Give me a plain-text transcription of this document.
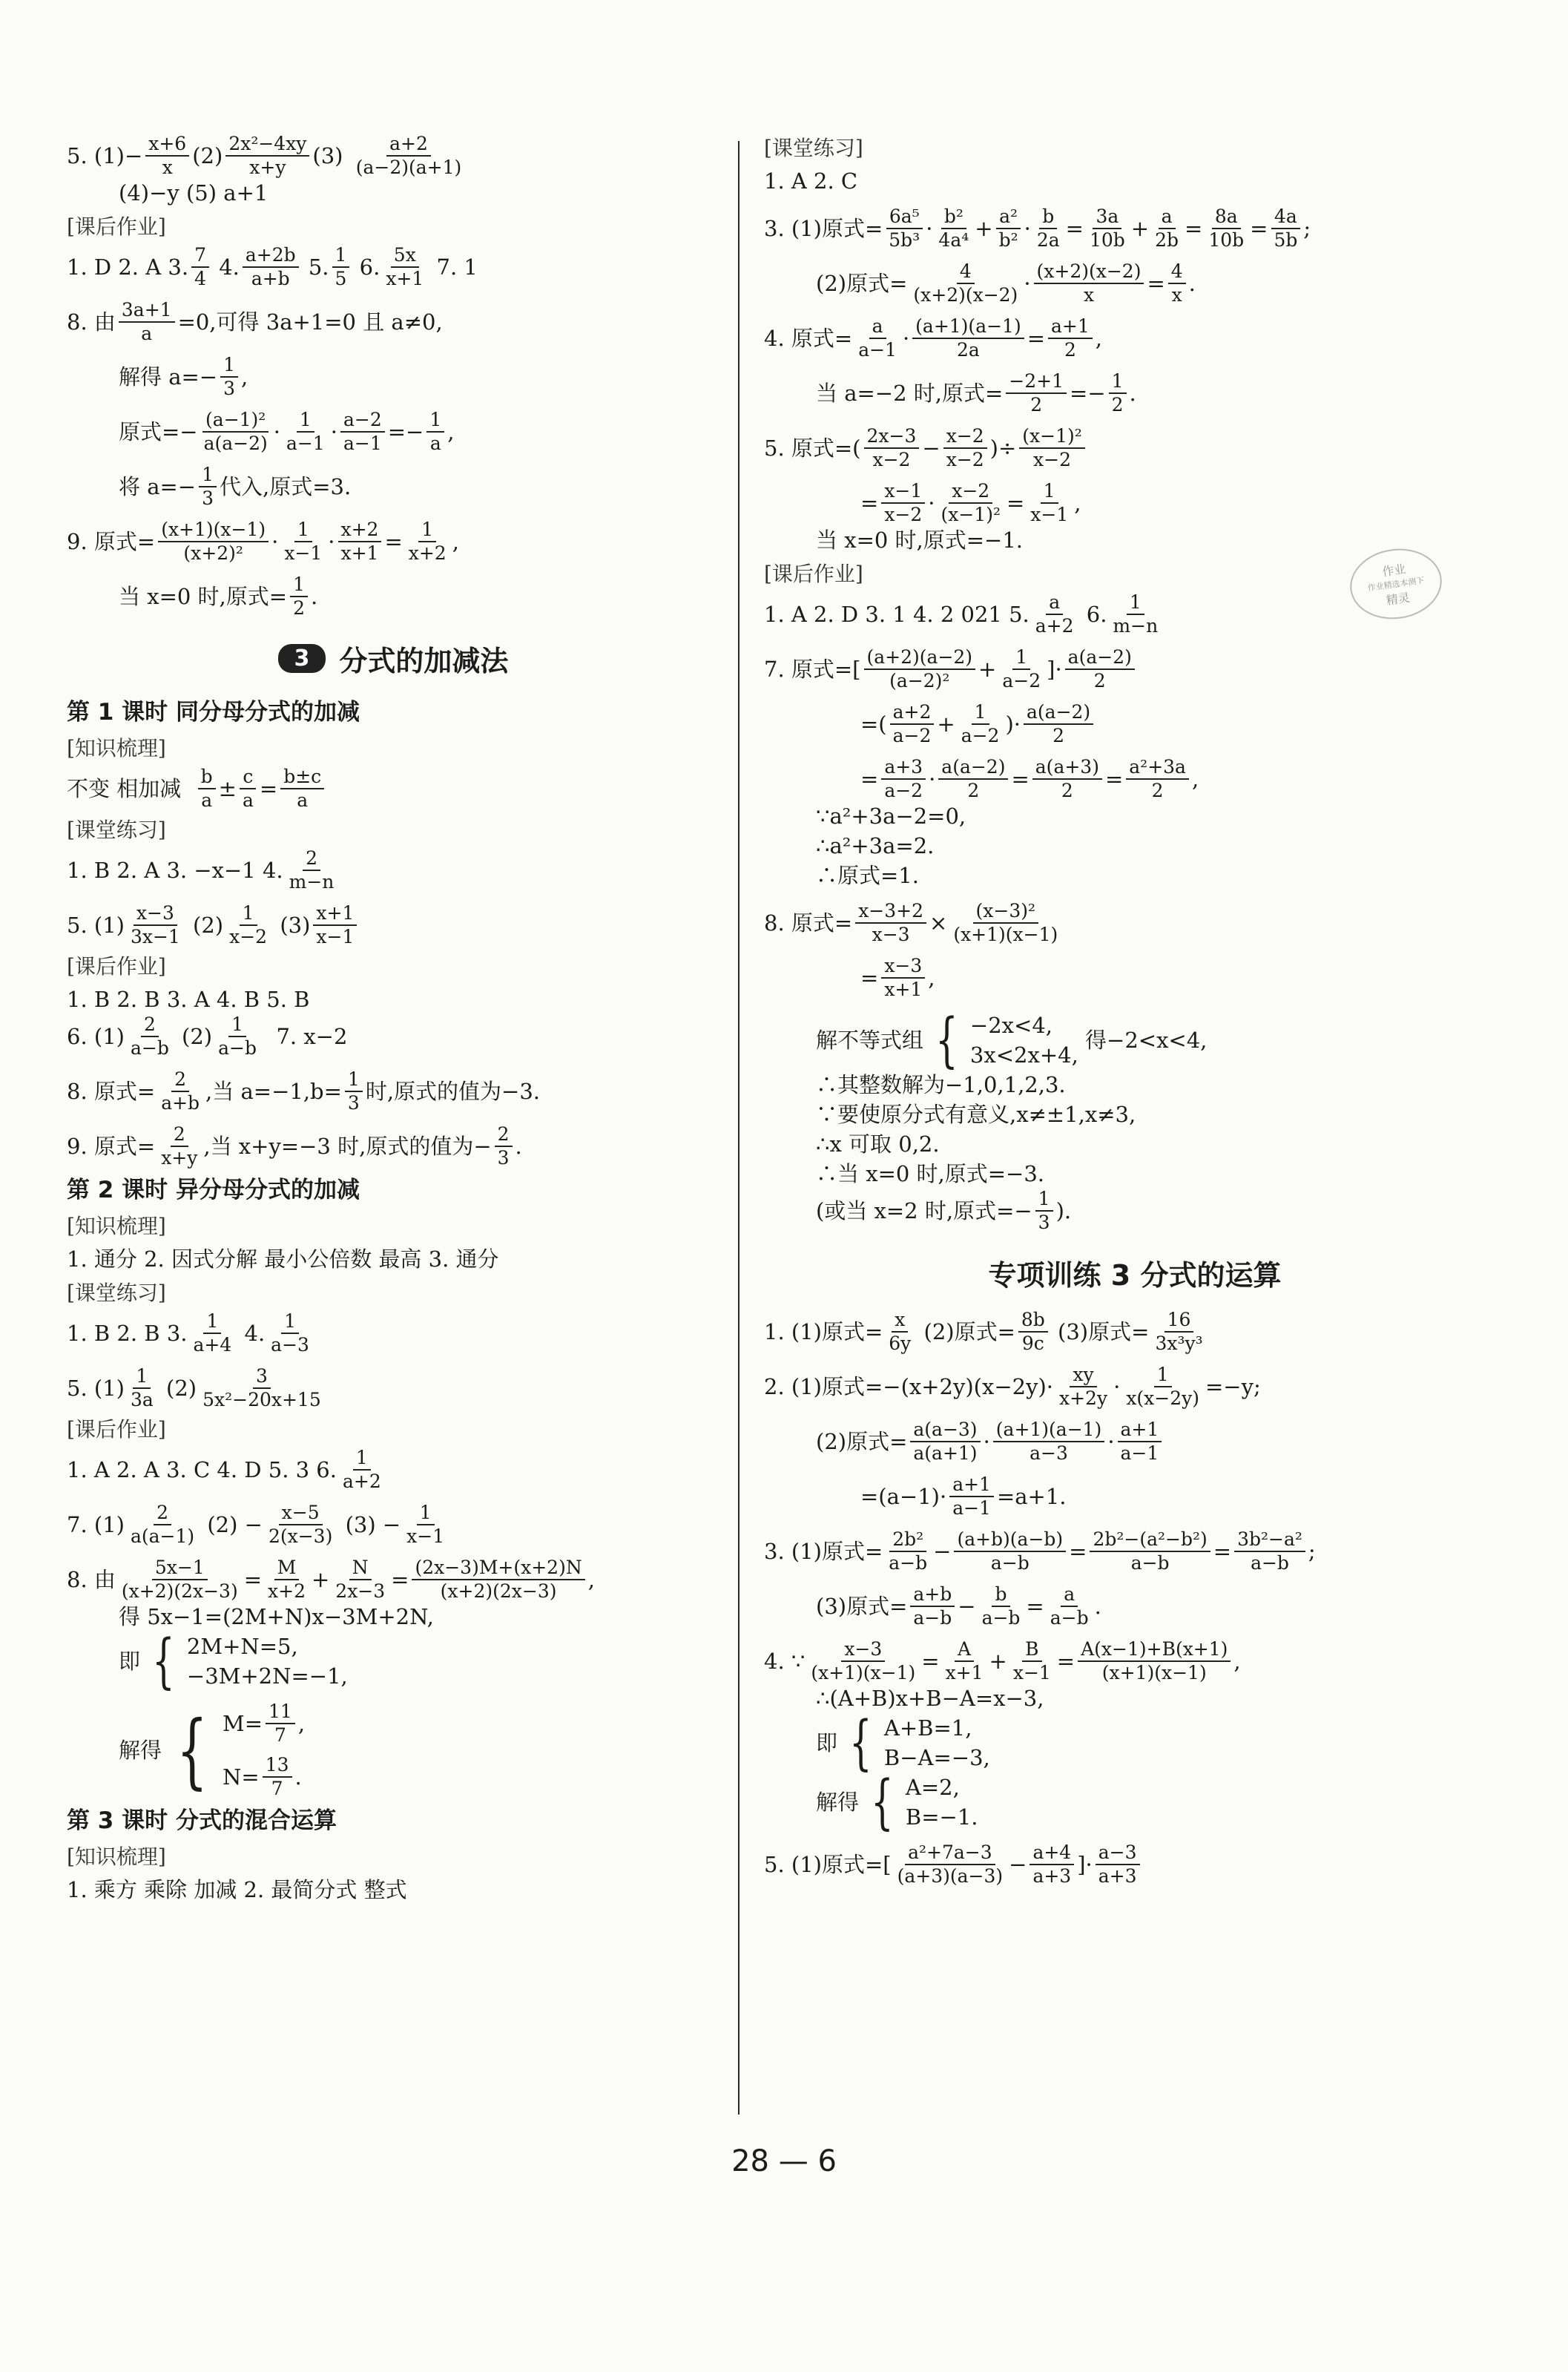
5. $(1)- \frac{x+6}{x} (2) \frac{\text{2x²−4xy}}{x+y} (3)$
$\frac{a+2}{(a-2)(a+1)}$

(4)−y (5) a+1

[课后作业]

1. D 2. A 3. $\frac{7}{4}$
4. $\frac{a+2b}{a+b}$
5. $\frac{1}{5}$
6. $\frac{5x}{x+1}$
7. 1
8. 由 $\frac{3a+1}{a} =0$,可得 3a+1=0 且 a≠0,
解得 $a=- \frac{1}{3}$ ,
原式=− $\frac{\text{(a−1)²}}{a(a-2)} \cdot \frac{1}{a-1} \cdot \frac{a-2}{a-1} =- \frac{1}{a}$ ,
将 $a=- \frac{1}{3}$ 代入,原式=3.
9. 原式= $\frac{(x+1)(x-1)}{\text{(x+2)²}} \cdot \frac{1}{x-1} \cdot \frac{x+2}{x+1} = \frac{1}{x+2}$ ,
当 x=0 时,原式= $\frac{1}{2}$ .
3	分式的加减法

第 1 课时 同分母分式的加减

[知识梳理]

不变 相加减
$\frac{b}{a} \pm \frac{c}{a} = \frac{b\pm c}{a}$

[课堂练习]

1. B 2. A 3. −x−1 4. $\frac{2}{m-n}$
5. $(1) \frac{x-3}{3x-1}$
$(2) \frac{1}{x-2}$
$(3) \frac{x+1}{x-1}$

[课后作业]

1. B 2. B 3. A 4. B 5. B

6. $(1) \frac{2}{a-b}$
$(2) \frac{1}{a-b}$
7. x−2
8. 原式= $\frac{2}{a+b}$ ,当 $a=-1,b= \frac{1}{3}$ 时,原式的值为−3.
9. 原式= $\frac{2}{x+y}$ ,当 x+y=−3 时,原式的值为− $\frac{2}{3}$ .

第 2 课时 异分母分式的加减

[知识梳理]

1. 通分 2. 因式分解 最小公倍数 最高 3. 通分

[课堂练习]

1. B 2. B 3. $\frac{1}{a+4}$
4. $\frac{1}{a-3}$
5. $(1) \frac{1}{3a}$
$(2) \frac{3}{\text{5x²−20x+15}}$

[课后作业]

1. A 2. A 3. C 4. D 5. 3 6. $\frac{1}{a+2}$
7. $(1) \frac{2}{a(a-1)}$
$(2) - \frac{x-5}{2(x-3)}$
$(3) - \frac{1}{x-1}$
8. 由 $\frac{5x-1}{(x+2)(2x-3)} = \frac{M}{x+2} + \frac{N}{2x-3} = \frac{(2x-3)M+(x+2)N}{(x+2)(2x-3)}$ ,

得 5x−1=(2M+N)x−3M+2N,

即 { 2M+N=5,
−3M+2N=−1,
解得 { $M= \frac{11}{7}$ ,
$N= \frac{13}{7}$ .

第 3 课时 分式的混合运算

[知识梳理]

1. 乘方 乘除 加减 2. 最简分式 整式

[课堂练习]

1. A 2. C

3. (1)原式= $\frac{\text{6a⁵}}{\text{5b³}} \cdot \frac{\text{b²}}{\text{4a⁴}} + \frac{\text{a²}}{\text{b²}} \cdot \frac{b}{2a} = \frac{3a}{10b} + \frac{a}{2b} = \frac{8a}{10b} = \frac{4a}{5b}$ ;
(2)原式= $\frac{4}{(x+2)(x-2)} \cdot \frac{(x+2)(x-2)}{x} = \frac{4}{x}$ .
4. 原式= $\frac{a}{a-1} \cdot \frac{(a+1)(a-1)}{2a} = \frac{a+1}{2}$ ,
当 a=−2 时,原式= $\frac{-2+1}{2} =- \frac{1}{2}$ .
5. 原式=( $\frac{2x-3}{x-2} - \frac{x-2}{x-2}$ )÷ $\frac{\text{(x−1)²}}{x-2}$
= $\frac{x-1}{x-2} \cdot \frac{x-2}{\text{(x−1)²}} = \frac{1}{x-1}$ ,

当 x=0 时,原式=−1.

[课后作业]

1. A 2. D 3. 1 4. 2 021 5. $\frac{a}{a+2}$
6. $\frac{1}{m-n}$
7. 原式=[ $\frac{(a+2)(a-2)}{\text{(a−2)²}} + \frac{1}{a-2}$ ]· $\frac{a(a-2)}{2}$
=( $\frac{a+2}{a-2} + \frac{1}{a-2}$ )· $\frac{a(a-2)}{2}$
= $\frac{a+3}{a-2} \cdot \frac{a(a-2)}{2} = \frac{a(a+3)}{2} = \frac{\text{a²+3a}}{2}$ ,

∵a²+3a−2=0,

∴a²+3a=2.

∴原式=1.

8. 原式= $\frac{x-3+2}{x-3} \times \frac{\text{(x−3)²}}{(x+1)(x-1)}$
= $\frac{x-3}{x+1}$ ,
解不等式组 { −2x<4,
3x<2x+4,

得−2<x<4,

∴其整数解为−1,0,1,2,3.

∵要使原分式有意义,x≠±1,x≠3,

∴x 可取 0,2.

∴当 x=0 时,原式=−3.

(或当 x=2 时,原式=− $\frac{1}{3}$ ).
专项训练 3 分式的运算
1. (1)原式= $\frac{x}{6y}$
(2)原式= $\frac{8b}{9c}$
(3)原式= $\frac{16}{\text{3x³y³}}$
2. (1)原式$=-(x+2y)(x-2y)\cdot \frac{xy}{x+2y} \cdot \frac{1}{x(x-2y)} =-y$;
(2)原式= $\frac{a(a-3)}{a(a+1)} \cdot \frac{(a+1)(a-1)}{a-3} \cdot \frac{a+1}{a-1}$
$=(a-1)\cdot \frac{a+1}{a-1} =a+1$.
3. (1)原式= $\frac{\text{2b²}}{a-b} - \frac{(a+b)(a-b)}{a-b} = \frac{\text{2b²−(a²−b²)}}{a-b} = \frac{\text{3b²−a²}}{a-b}$ ;
(3)原式= $\frac{a+b}{a-b} - \frac{b}{a-b} = \frac{a}{a-b}$ .
4. ∵ $\frac{x-3}{(x+1)(x-1)} = \frac{A}{x+1} + \frac{B}{x-1} = \frac{A(x-1)+B(x+1)}{(x+1)(x-1)}$ ,

∴(A+B)x+B−A=x−3,

即 { A+B=1,
B−A=−3,
解得 { A=2,
B=−1.
5. (1)原式=[ $\frac{\text{a²+7a−3}}{(a+3)(a-3)} - \frac{a+4}{a+3}$ ]· $\frac{a-3}{a+3}$
作业
作业精选本测下
精灵
28 — 6
